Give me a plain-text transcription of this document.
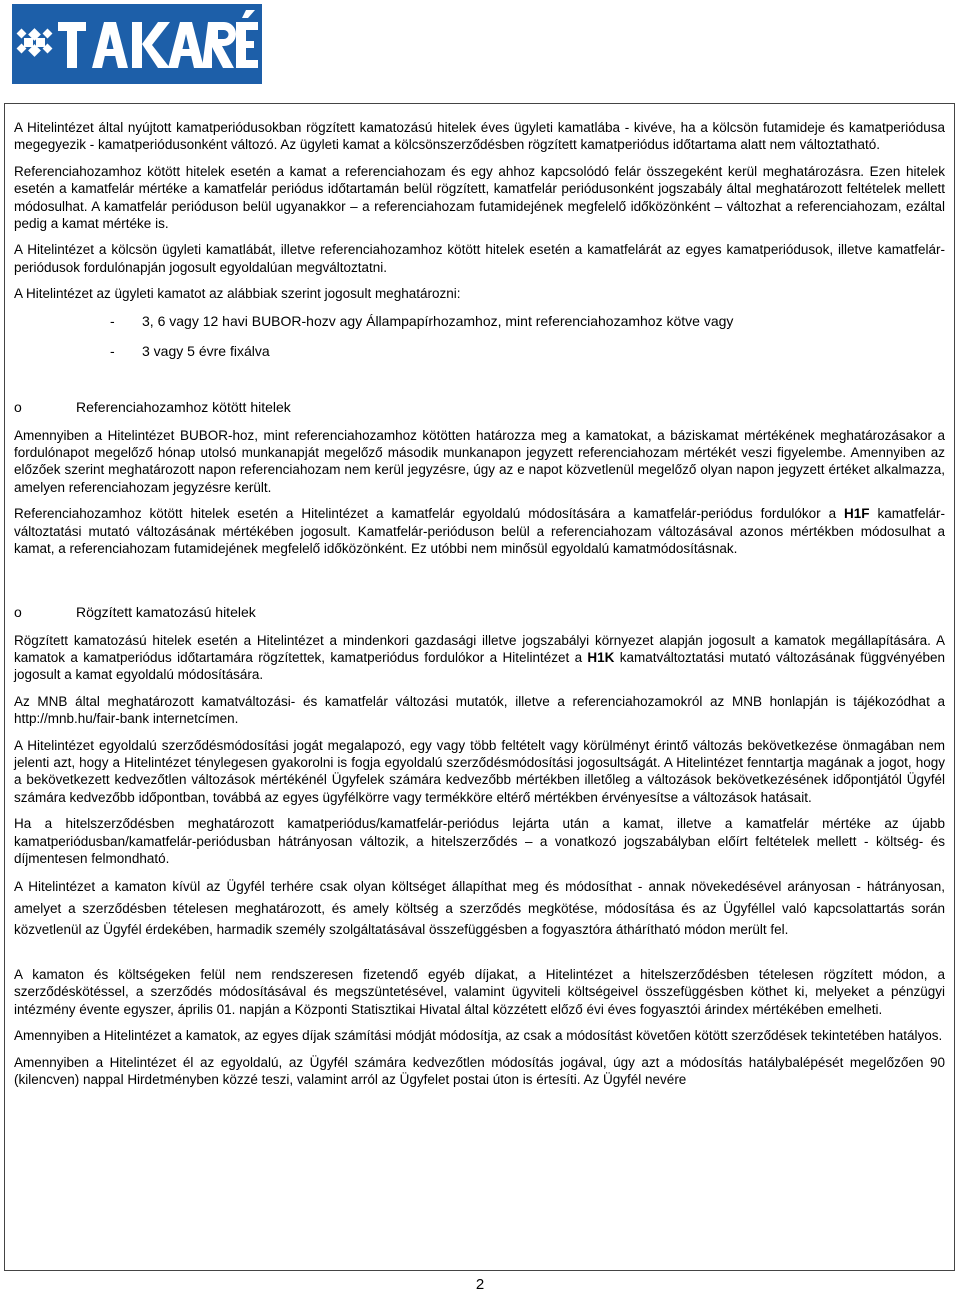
A Hitelintézet által nyújtott kamatperiódusokban rögzített kamatozású hitelek éves ügyleti kamatlába - kivéve, ha a kölcsön futamideje és kamatperiódusa megegyezik - kamatperiódusonként változó. Az ügyleti kamat a kölcsönszerződésben rögzített kamatperiódus időtartama alatt nem változtatható.

Referenciahozamhoz kötött hitelek esetén a kamat a referenciahozam és egy ahhoz kapcsolódó felár összegeként kerül meghatározásra. Ezen hitelek esetén a kamatfelár mértéke a kamatfelár periódus időtartamán belül rögzített, kamatfelár periódusonként jogszabály által meghatározott feltételek mellett módosulhat. A kamatfelár perióduson belül ugyanakkor – a referenciahozam futamidejének megfelelő időközönként – változhat a referenciahozam, ezáltal pedig a kamat mértéke is.

A Hitelintézet a kölcsön ügyleti kamatlábát, illetve referenciahozamhoz kötött hitelek esetén a kamatfelárát az egyes kamatperiódusok, illetve kamatfelár-periódusok fordulónapján jogosult egyoldalúan megváltoztatni.

A Hitelintézet az ügyleti kamatot az alábbiak szerint jogosult meghatározni:

- 3, 6 vagy 12 havi BUBOR-hozv agy Állampapírhozamhoz, mint referenciahozamhoz kötve vagy
- 3 vagy 5 évre fixálva
o	Referenciahozamhoz kötött hitelek

Amennyiben a Hitelintézet BUBOR-hoz, mint referenciahozamhoz kötötten határozza meg a kamatokat, a báziskamat mértékének meghatározásakor a fordulónapot megelőző hónap utolsó munkanapját megelőző második munkanapon jegyzett referenciahozam mértékét veszi figyelembe. Amennyiben az előzőek szerint meghatározott napon referenciahozam nem kerül jegyzésre, úgy az e napot közvetlenül megelőző olyan napon jegyzett értéket alkalmazza, amelyen referenciahozam jegyzésre került.

Referenciahozamhoz kötött hitelek esetén a Hitelintézet a kamatfelár egyoldalú módosítására a kamatfelár-periódus fordulókor a H1F kamatfelár-változtatási mutató változásának mértékében jogosult. Kamatfelár-perióduson belül a referenciahozam változásával azonos mértékben módosulhat a kamat, a referenciahozam futamidejének megfelelő időközönként. Ez utóbbi nem minősül egyoldalú kamatmódosításnak.

o	Rögzített kamatozású hitelek

Rögzített kamatozású hitelek esetén a Hitelintézet a mindenkori gazdasági illetve jogszabályi környezet alapján jogosult a kamatok megállapítására. A kamatok a kamatperiódus időtartamára rögzítettek, kamatperiódus fordulókor a Hitelintézet a H1K kamatváltoztatási mutató változásának függvényében jogosult a kamat egyoldalú módosítására.

Az MNB által meghatározott kamatváltozási- és kamatfelár változási mutatók, illetve a referenciahozamokról az MNB honlapján is tájékozódhat a http://mnb.hu/fair-bank internetcímen.

A Hitelintézet egyoldalú szerződésmódosítási jogát megalapozó, egy vagy több feltételt vagy körülményt érintő változás bekövetkezése önmagában nem jelenti azt, hogy a Hitelintézet ténylegesen gyakorolni is fogja egyoldalú szerződésmódosítási jogosultságát. A Hitelintézet fenntartja magának a jogot, hogy a bekövetkezett kedvezőtlen változások mértékénél Ügyfelek számára kedvezőbb mértékben illetőleg a változások bekövetkezésének időpontjától Ügyfél számára kedvezőbb időpontban, továbbá az egyes ügyfélkörre vagy termékköre eltérő mértékben érvényesítse a változások hatásait.

Ha a hitelszerződésben meghatározott kamatperiódus/kamatfelár-periódus lejárta után a kamat, illetve a kamatfelár mértéke az újabb kamatperiódusban/kamatfelár-periódusban hátrányosan változik, a hitelszerződés – a vonatkozó jogszabályban előírt feltételek mellett - költség- és díjmentesen felmondható.

A Hitelintézet a kamaton kívül az Ügyfél terhére csak olyan költséget állapíthat meg és módosíthat - annak növekedésével arányosan - hátrányosan, amelyet a szerződésben tételesen meghatározott, és amely költség a szerződés megkötése, módosítása és az Ügyféllel való kapcsolattartás során közvetlenül az Ügyfél érdekében, harmadik személy szolgáltatásával összefüggésben a fogyasztóra áthárítható módon merült fel.

A kamaton és költségeken felül nem rendszeresen fizetendő egyéb díjakat, a Hitelintézet a hitelszerződésben tételesen rögzített módon, a szerződéskötéssel, a szerződés módosításával és megszüntetésével, valamint ügyviteli költségeivel összefüggésben köthet ki, melyeket a pénzügyi intézmény évente egyszer, április 01. napján a Központi Statisztikai Hivatal által közzétett előző évi éves fogyasztói árindex mértékében emelheti.

Amennyiben a Hitelintézet a kamatok, az egyes díjak számítási módját módosítja, az csak a módosítást követően kötött szerződések tekintetében hatályos.

Amennyiben a Hitelintézet él az egyoldalú, az Ügyfél számára kedvezőtlen módosítás jogával, úgy azt a módosítás hatálybalépését megelőzően 90 (kilencven) nappal Hirdetményben közzé teszi, valamint arról az Ügyfelet postai úton is értesíti. Az Ügyfél nevére

2
